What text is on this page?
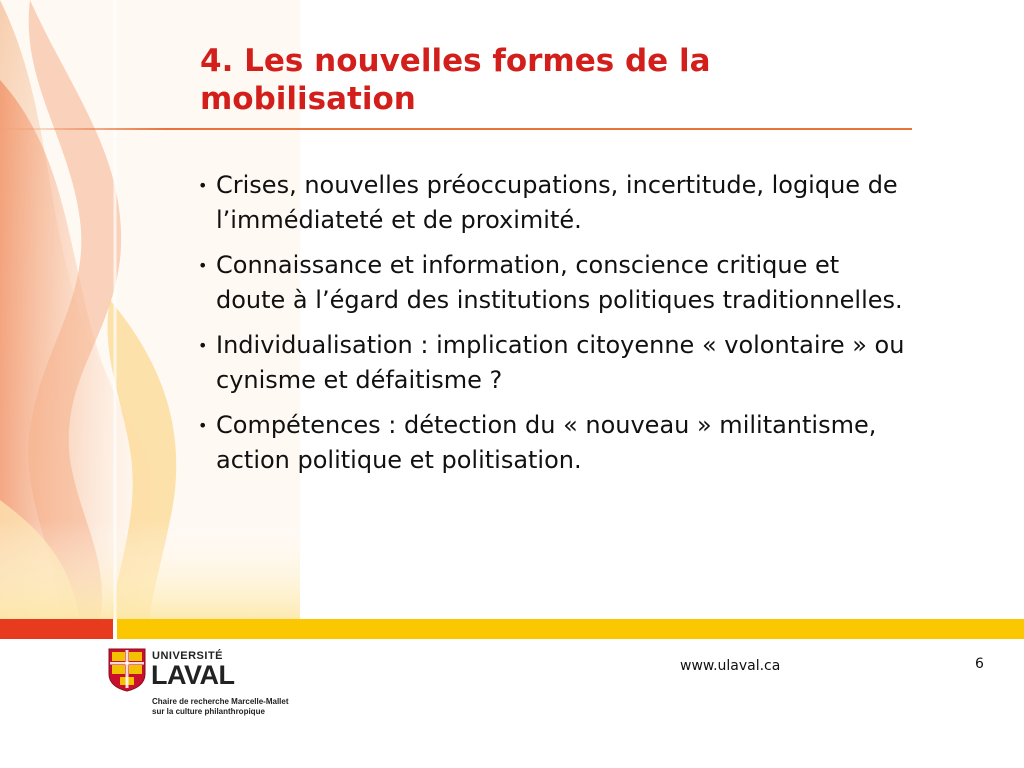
4. Les nouvelles formes de la mobilisation
• Crises, nouvelles préoccupations, incertitude, logique de l’immédiateté et de proximité.
• Connaissance et information, conscience critique et doute à l’égard des institutions politiques traditionnelles.
• Individualisation : implication citoyenne « volontaire » ou cynisme et défaitisme ?
• Compétences : détection du « nouveau » militantisme, action politique et politisation.
UNIVERSITÉ
LAVAL
Chaire de recherche Marcelle-Mallet
sur la culture philanthropique
www.ulaval.ca	6
